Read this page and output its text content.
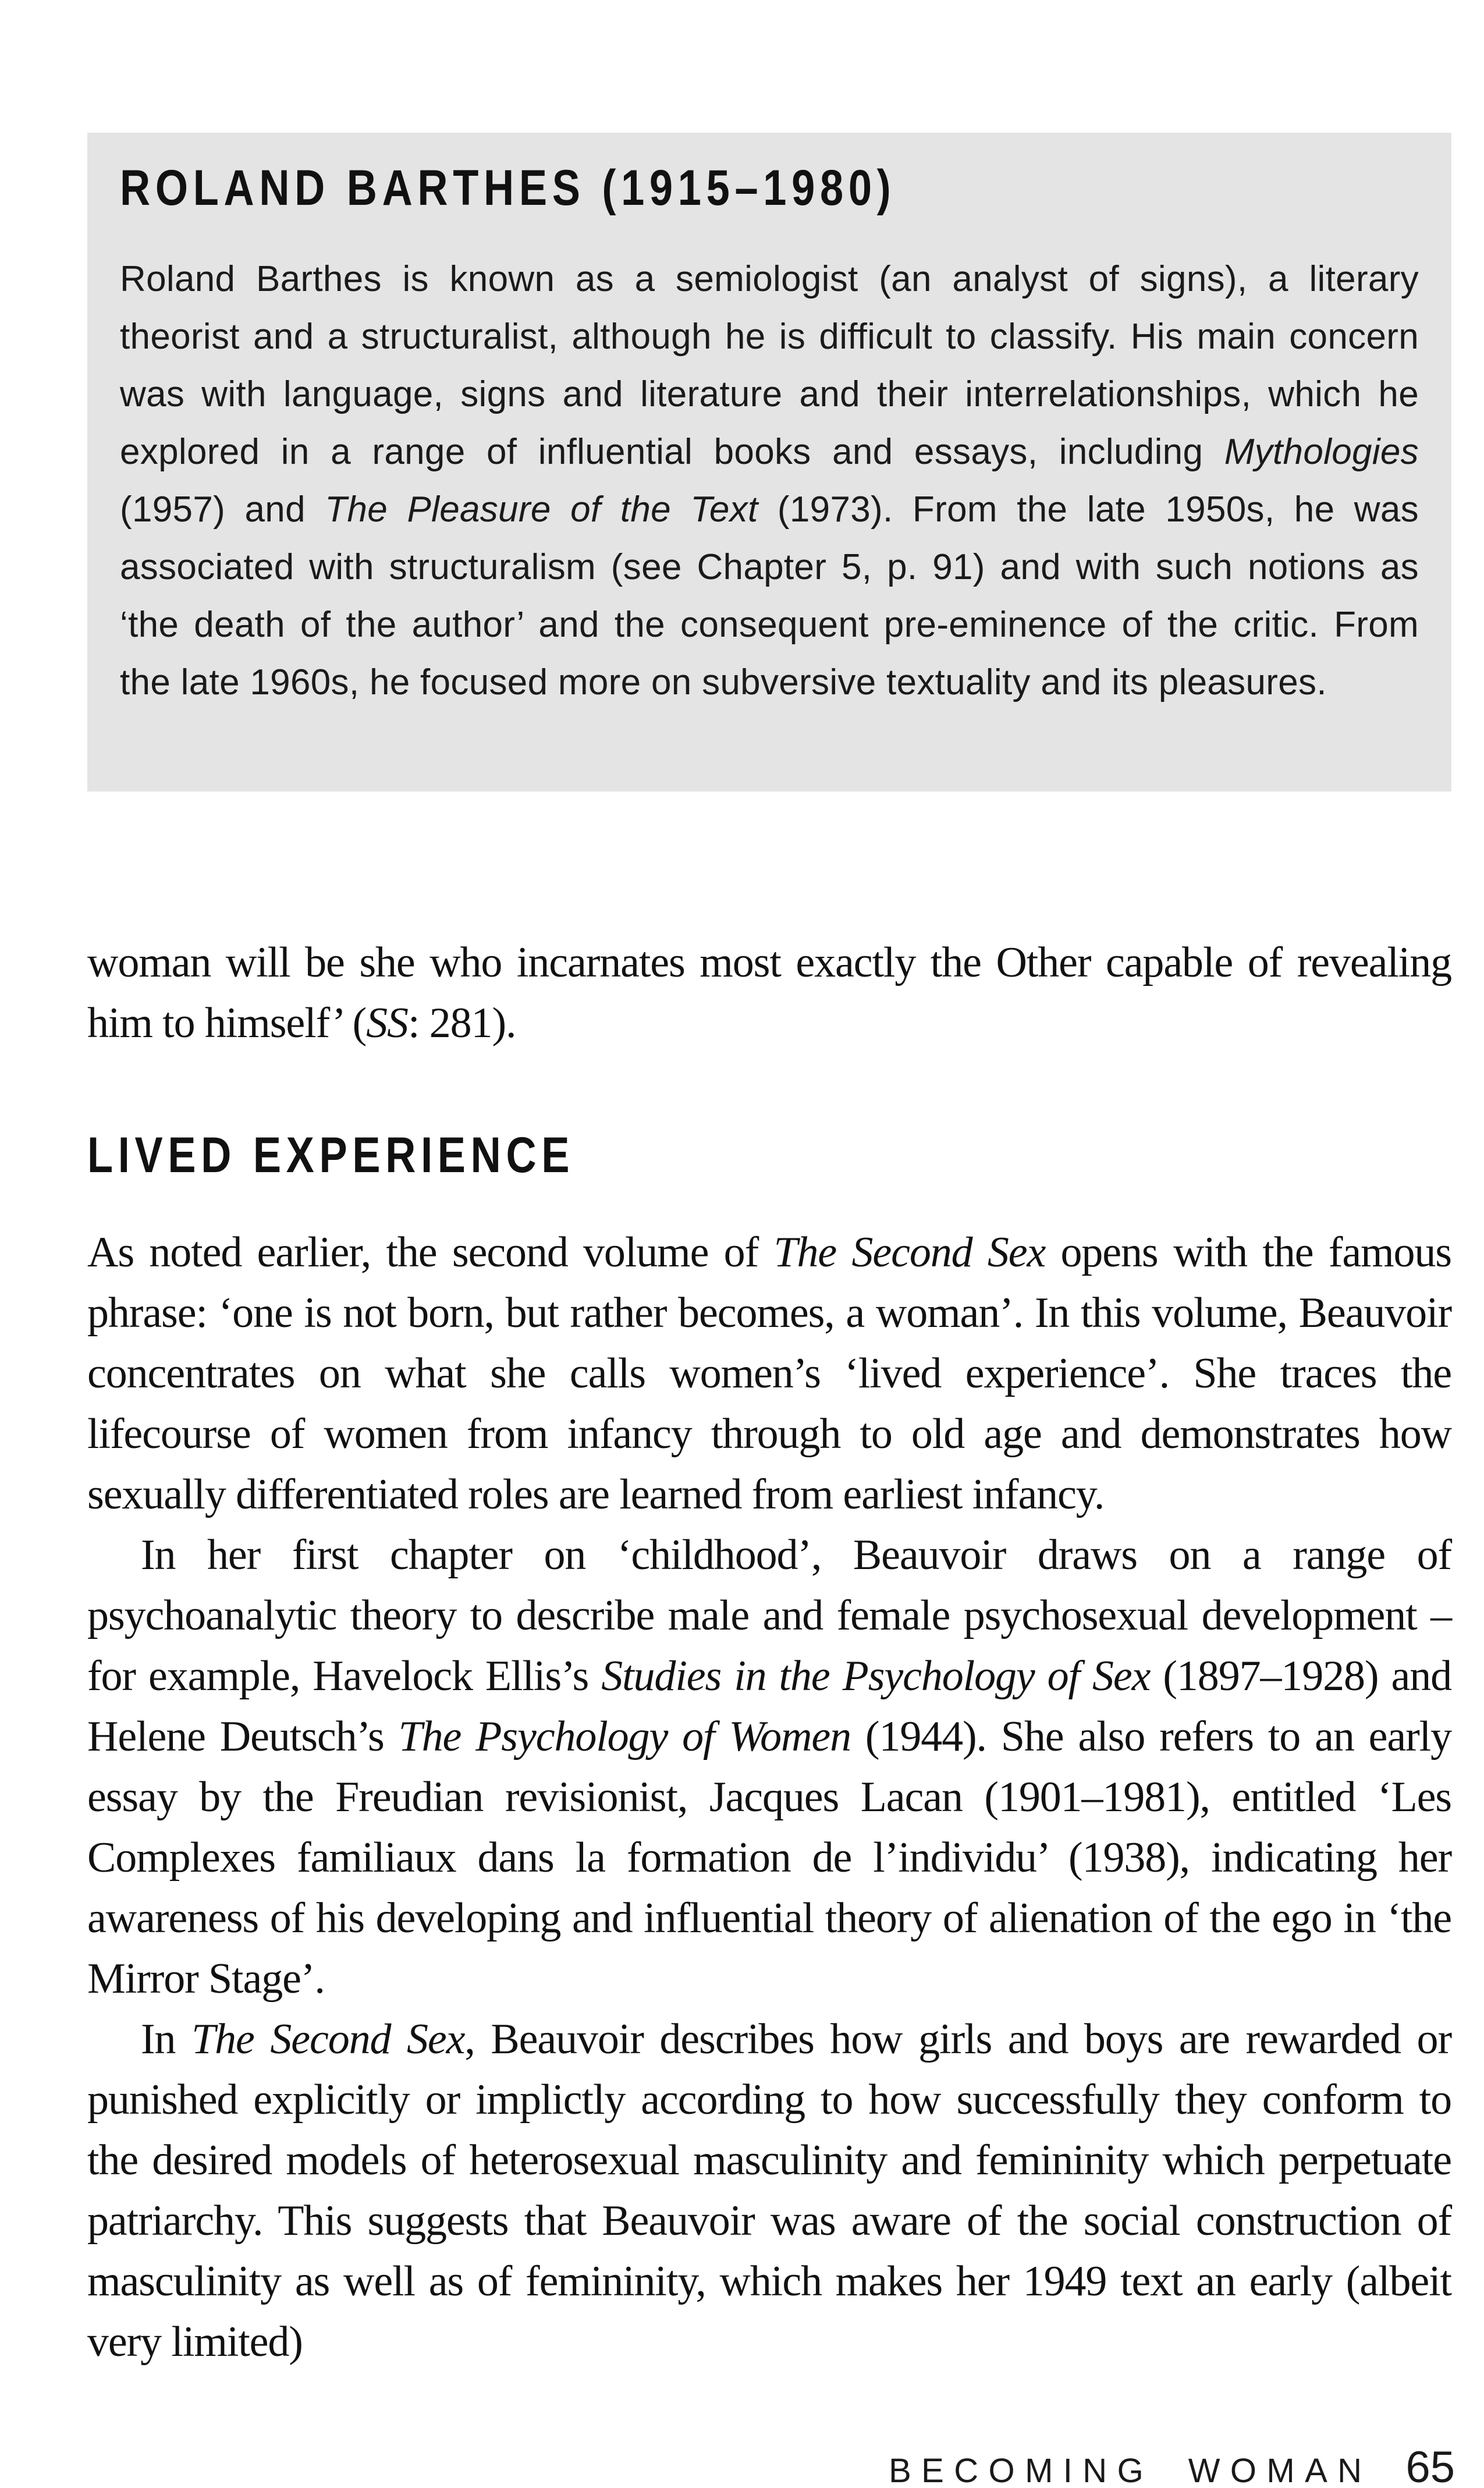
ROLAND BARTHES (1915–1980)

Roland Barthes is known as a semiologist (an analyst of signs), a literary theorist and a structuralist, although he is difficult to classify. His main concern was with language, signs and literature and their interrelationships, which he explored in a range of influential books and essays, including Mythologies (1957) and The Pleasure of the Text (1973). From the late 1950s, he was associated with structuralism (see Chapter 5, p. 91) and with such notions as ‘the death of the author’ and the consequent pre-eminence of the critic. From the late 1960s, he focused more on subversive textuality and its pleasures.

woman will be she who incarnates most exactly the Other capable of revealing him to himself’ (SS: 281).

LIVED EXPERIENCE

As noted earlier, the second volume of The Second Sex opens with the famous phrase: ‘one is not born, but rather becomes, a woman’. In this volume, Beauvoir concentrates on what she calls women’s ‘lived experience’. She traces the lifecourse of women from infancy through to old age and demonstrates how sexually differentiated roles are learned from earliest infancy.

In her first chapter on ‘childhood’, Beauvoir draws on a range of psychoanalytic theory to describe male and female psychosexual development – for example, Havelock Ellis’s Studies in the Psychology of Sex (1897–1928) and Helene Deutsch’s The Psychology of Women (1944). She also refers to an early essay by the Freudian revisionist, Jacques Lacan (1901–1981), entitled ‘Les Complexes familiaux dans la formation de l’individu’ (1938), indicating her awareness of his developing and influential theory of alienation of the ego in ‘the Mirror Stage’.

In The Second Sex, Beauvoir describes how girls and boys are rewarded or punished explicitly or implictly according to how successfully they conform to the desired models of heterosexual masculinity and femininity which perpetuate patriarchy. This suggests that Beauvoir was aware of the social construction of masculinity as well as of femininity, which makes her 1949 text an early (albeit very limited)

BECOMING WOMAN 65
